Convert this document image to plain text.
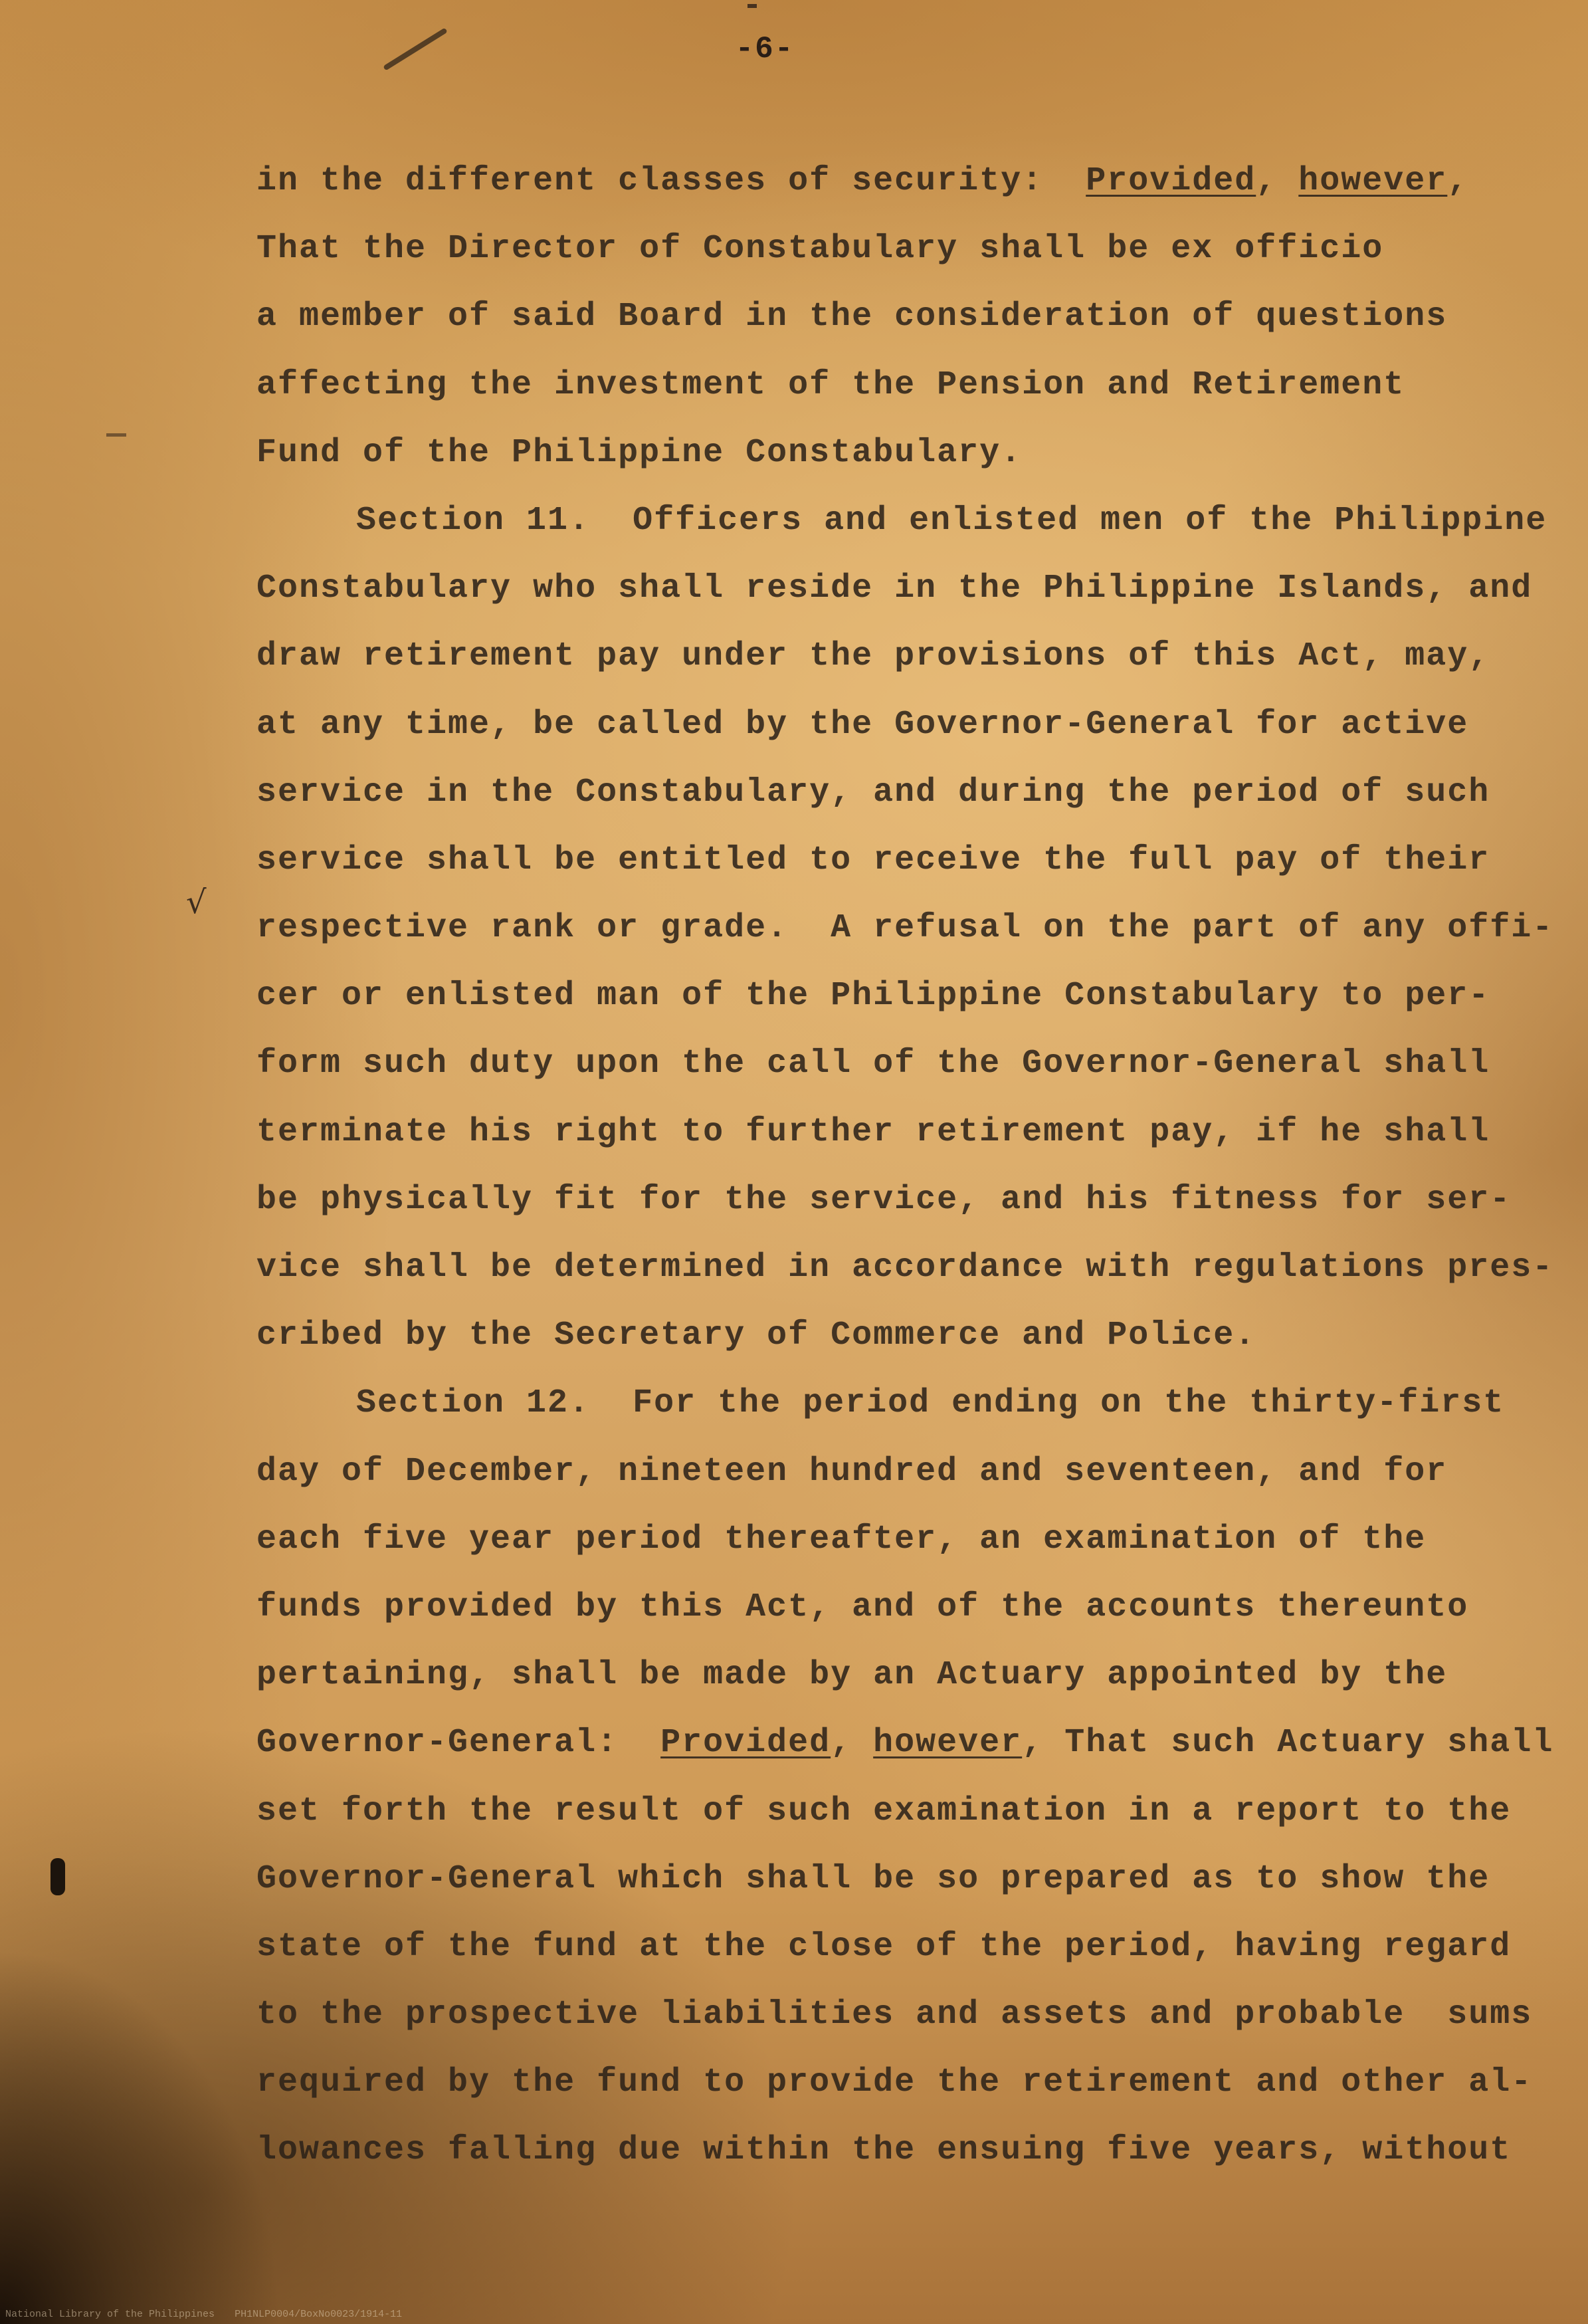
-6-
√
in the different classes of security:  Provided, however,
That the Director of Constabulary shall be ex officio
a member of said Board in the consideration of questions
affecting the investment of the Pension and Retirement
Fund of the Philippine Constabulary.
Section 11.  Officers and enlisted men of the Philippine
Constabulary who shall reside in the Philippine Islands, and
draw retirement pay under the provisions of this Act, may,
at any time, be called by the Governor-General for active
service in the Constabulary, and during the period of such
service shall be entitled to receive the full pay of their
respective rank or grade.  A refusal on the part of any offi-
cer or enlisted man of the Philippine Constabulary to per-
form such duty upon the call of the Governor-General shall
terminate his right to further retirement pay, if he shall
be physically fit for the service, and his fitness for ser-
vice shall be determined in accordance with regulations pres-
cribed by the Secretary of Commerce and Police.
Section 12.  For the period ending on the thirty-first
day of December, nineteen hundred and seventeen, and for
each five year period thereafter, an examination of the
funds provided by this Act, and of the accounts thereunto
pertaining, shall be made by an Actuary appointed by the
Governor-General:  Provided, however, That such Actuary shall
set forth the result of such examination in a report to the
Governor-General which shall be so prepared as to show the
state of the fund at the close of the period, having regard
to the prospective liabilities and assets and probable  sums
required by the fund to provide the retirement and other al-
lowances falling due within the ensuing five years, without
National Library of the Philippines PH1NLP0004/BoxNo0023/1914-11
